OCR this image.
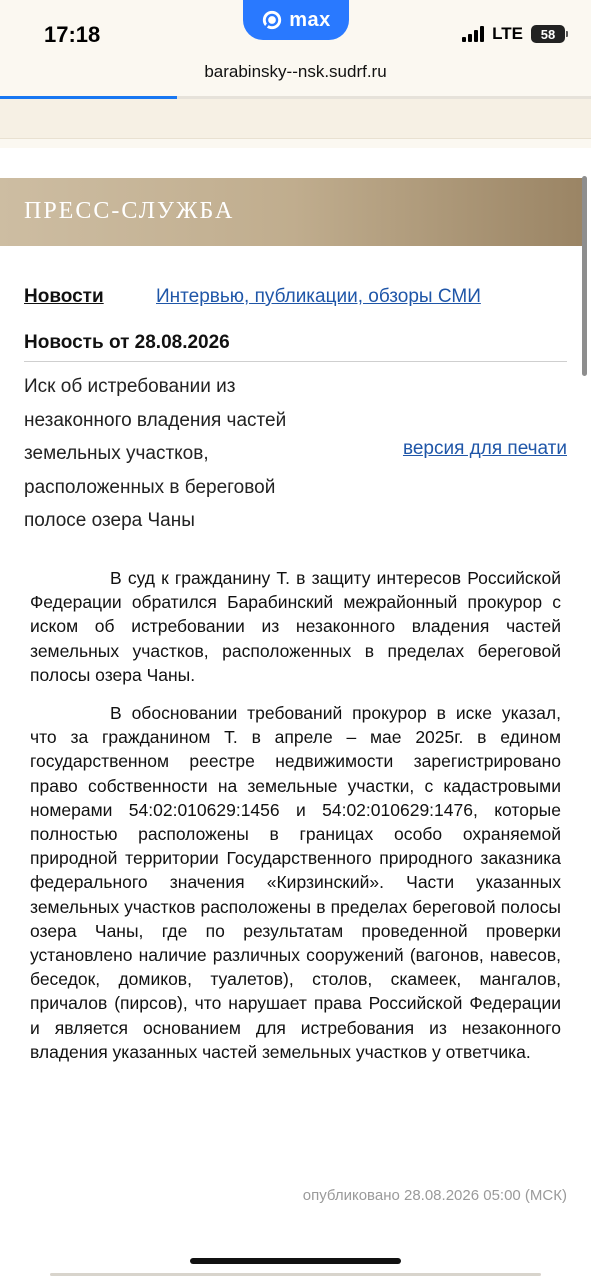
17:18
max
LTE 58
barabinsky--nsk.sudrf.ru
ПРЕСС-СЛУЖБА
Новости	Интервью, публикации, обзоры СМИ
Новость от 28.08.2026
Иск об истребовании из
незаконного владения частей
земельных участков,
расположенных в береговой
полосе озера Чаны
версия для печати

В суд к гражданину Т. в защиту интересов Российской Федерации обратился Барабинский межрайонный прокурор с иском об истребовании из незаконного владения частей земельных участков, расположенных в пределах береговой полосы озера Чаны.

В обосновании требований прокурор в иске указал, что за гражданином Т. в апреле – мае 2025г. в едином государственном реестре недвижимости зарегистрировано право собственности на земельные участки, с кадастровыми номерами 54:02:010629:1456 и 54:02:010629:1476, которые полностью расположены в границах особо охраняемой природной территории Государственного природного заказника федерального значения «Кирзинский». Части указанных земельных участков расположены в пределах береговой полосы озера Чаны, где по результатам проведенной проверки установлено наличие различных сооружений (вагонов, навесов, беседок, домиков, туалетов), столов, скамеек, мангалов, причалов (пирсов), что нарушает права Российской Федерации и является основанием для истребования из незаконного владения указанных частей земельных участков у ответчика.

опубликовано 28.08.2026 05:00 (МСК)
